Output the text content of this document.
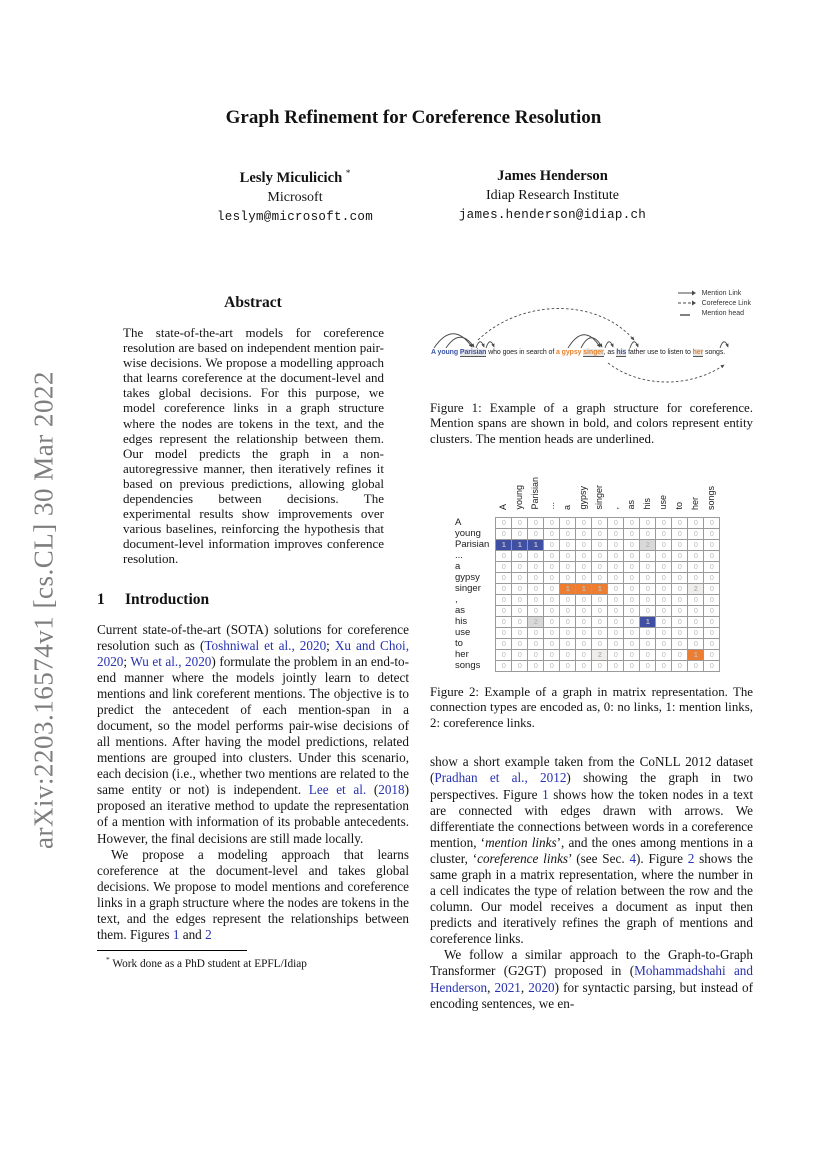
arXiv:2203.16574v1 [cs.CL] 30 Mar 2022
Graph Refinement for Coreference Resolution
Lesly Miculicich *
Microsoft
leslym@microsoft.com
James Henderson
Idiap Research Institute
james.henderson@idiap.ch
Abstract
The state-of-the-art models for coreference resolution are based on independent mention pair-wise decisions. We propose a modelling approach that learns coreference at the document-level and takes global decisions. For this purpose, we model coreference links in a graph structure where the nodes are tokens in the text, and the edges represent the relationship between them. Our model predicts the graph in a non-autoregressive manner, then iteratively refines it based on previous predictions, allowing global dependencies between decisions. The experimental results show improvements over various baselines, reinforcing the hypothesis that document-level information improves conference resolution.
1 Introduction

Current state-of-the-art (SOTA) solutions for coreference resolution such as (Toshniwal et al., 2020; Xu and Choi, 2020; Wu et al., 2020) formulate the problem in an end-to-end manner where the models jointly learn to detect mentions and link coreferent mentions. The objective is to predict the antecedent of each mention-span in a document, so the model performs pair-wise decisions of all mentions. After having the model predictions, related mentions are grouped into clusters. Under this scenario, each decision (i.e., whether two mentions are related to the same entity or not) is independent. Lee et al. (2018) proposed an iterative method to update the representation of a mention with information of its probable antecedents. However, the final decisions are still made locally.

We propose a modeling approach that learns coreference at the document-level and takes global decisions. We propose to model mentions and coreference links in a graph structure where the nodes are tokens in the text, and the edges represent the relationships between them. Figures 1 and 2

* Work done as a PhD student at EPFL/Idiap
A young Parisian who goes in search of a gypsy singer, as his father use to listen to her songs.
Mention Link
Coreferece Link
Mention head

Figure 1: Example of a graph structure for coreference. Mention spans are shown in bold, and colors represent entity clusters. The mention heads are underlined.

	A	young	Parisian	...	a	gypsy	singer	,	as	his	use	to	her	songs
A	0	0	0	0	0	0	0	0	0	0	0	0	0	0
young	0	0	0	0	0	0	0	0	0	0	0	0	0	0
Parisian	1	1	1	0	0	0	0	0	0	2	0	0	0	0
...	0	0	0	0	0	0	0	0	0	0	0	0	0	0
a	0	0	0	0	0	0	0	0	0	0	0	0	0	0
gypsy	0	0	0	0	0	0	0	0	0	0	0	0	0	0
singer	0	0	0	0	1	1	1	0	0	0	0	0	2	0
,	0	0	0	0	0	0	0	0	0	0	0	0	0	0
as	0	0	0	0	0	0	0	0	0	0	0	0	0	0
his	0	0	2	0	0	0	0	0	0	1	0	0	0	0
use	0	0	0	0	0	0	0	0	0	0	0	0	0	0
to	0	0	0	0	0	0	0	0	0	0	0	0	0	0
her	0	0	0	0	0	0	2	0	0	0	0	0	1	0
songs	0	0	0	0	0	0	0	0	0	0	0	0	0	0

Figure 2: Example of a graph in matrix representation. The connection types are encoded as, 0: no links, 1: mention links, 2: coreference links.

show a short example taken from the CoNLL 2012 dataset (Pradhan et al., 2012) showing the graph in two perspectives. Figure 1 shows how the token nodes in a text are connected with edges drawn with arrows. We differentiate the connections between words in a coreference mention, ‘mention links’, and the ones among mentions in a cluster, ‘coreference links’ (see Sec. 4). Figure 2 shows the same graph in a matrix representation, where the number in a cell indicates the type of relation between the row and the column. Our model receives a document as input then predicts and iteratively refines the graph of mentions and coreference links.

We follow a similar approach to the Graph-to-Graph Transformer (G2GT) proposed in (Mohammadshahi and Henderson, 2021, 2020) for syntactic parsing, but instead of encoding sentences, we en-
